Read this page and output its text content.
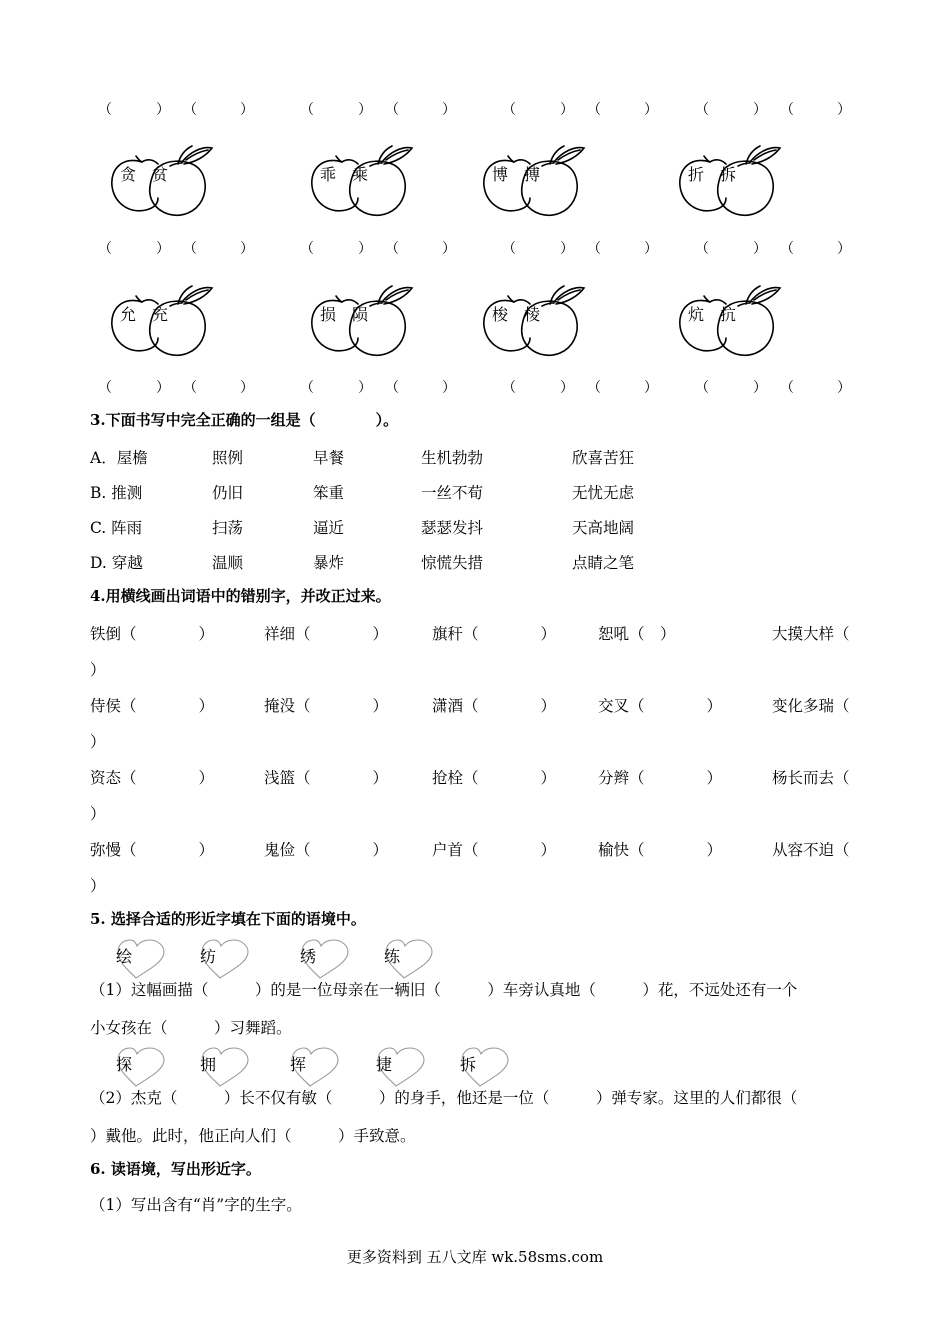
（	） （	）	（	） （	）	（	） （	）	（	） （	）
（	） （	）	（	） （	）	（	） （	）	（	） （	）
（	） （	）	（	） （	）	（	） （	）	（	） （	）
贪 贫	乖 乘	博 搏	折 拆
允 充	损 陨	梭 棱	炕 抗
3.下面书写中完全正确的一组是（　　　　）。
A．屋檐	照例	早餐	生机勃勃	欣喜苦狂
B. 推测	仍旧	笨重	一丝不荀	无忧无虑
C. 阵雨	扫荡	逼近	瑟瑟发抖	天高地阔
D. 穿越	温顺	暴炸	惊慌失措	点睛之笔
4.用横线画出词语中的错别字，并改正过来。
铁倒（　　　　）	祥细（　　　　）	旗秆（　　　　）	恕吼（　）	大摸大样（
）
侍侯（　　　　）	掩没（　　　　）	潇酒（　　　　）	交叉（　　　　）	变化多瑞（
）
资态（　　　　）	浅篮（　　　　）	抢栓（　　　　）	分辫（　　　　）	杨长而去（
）
弥慢（　　　　）	鬼俭（　　　　）	户首（　　　　）	榆快（　　　　）	从容不迫（
）
5. 选择合适的形近字填在下面的语境中。
绘	纺	绣	练
（1）这幅画描（　　　）的是一位母亲在一辆旧（　　　）车旁认真地（　　　）花，不远处还有一个
小女孩在（　　　）习舞蹈。
探	拥	挥	捷	拆
（2）杰克（　　　）长不仅有敏（　　　）的身手，他还是一位（　　　）弹专家。这里的人们都很（
）戴他。此时，他正向人们（　　　）手致意。
6. 读语境，写出形近字。
（1）写出含有“肖”字的生字。
更多资料到 五八文库 wk.58sms.com
